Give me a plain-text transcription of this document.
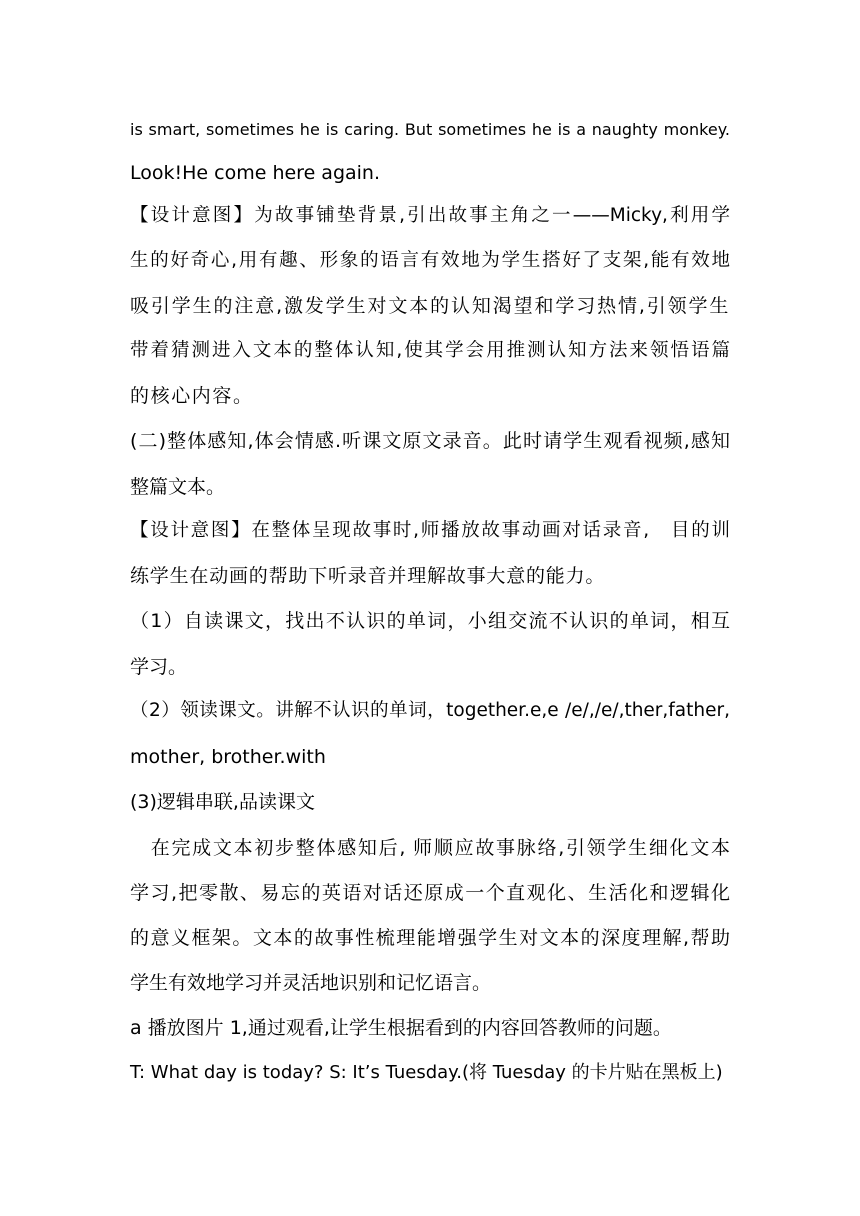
is smart, sometimes he is caring. But sometimes he is a naughty monkey.
Look!He come here again.
【设计意图】为故事铺垫背景,引出故事主角之一——Micky,利用学
生的好奇心,用有趣、形象的语言有效地为学生搭好了支架,能有效地
吸引学生的注意,激发学生对文本的认知渴望和学习热情,引领学生
带着猜测进入文本的整体认知,使其学会用推测认知方法来领悟语篇
的核心内容。
(二)整体感知,体会情感.听课文原文录音。此时请学生观看视频,感知
整篇文本。
【设计意图】在整体呈现故事时,师播放故事动画对话录音,　目的训
练学生在动画的帮助下听录音并理解故事大意的能力。
（1）自读课文，找出不认识的单词，小组交流不认识的单词，相互
学习。
（2）领读课文。讲解不认识的单词，together.e,e /e/,/e/,ther,father,
mother, brother.with
(3)逻辑串联,品读课文
　在完成文本初步整体感知后, 师顺应故事脉络,引领学生细化文本
学习,把零散、易忘的英语对话还原成一个直观化、生活化和逻辑化
的意义框架。文本的故事性梳理能增强学生对文本的深度理解,帮助
学生有效地学习并灵活地识别和记忆语言。
a 播放图片 1,通过观看,让学生根据看到的内容回答教师的问题。
T: What day is today? S: It’s Tuesday.(将 Tuesday 的卡片贴在黑板上)
